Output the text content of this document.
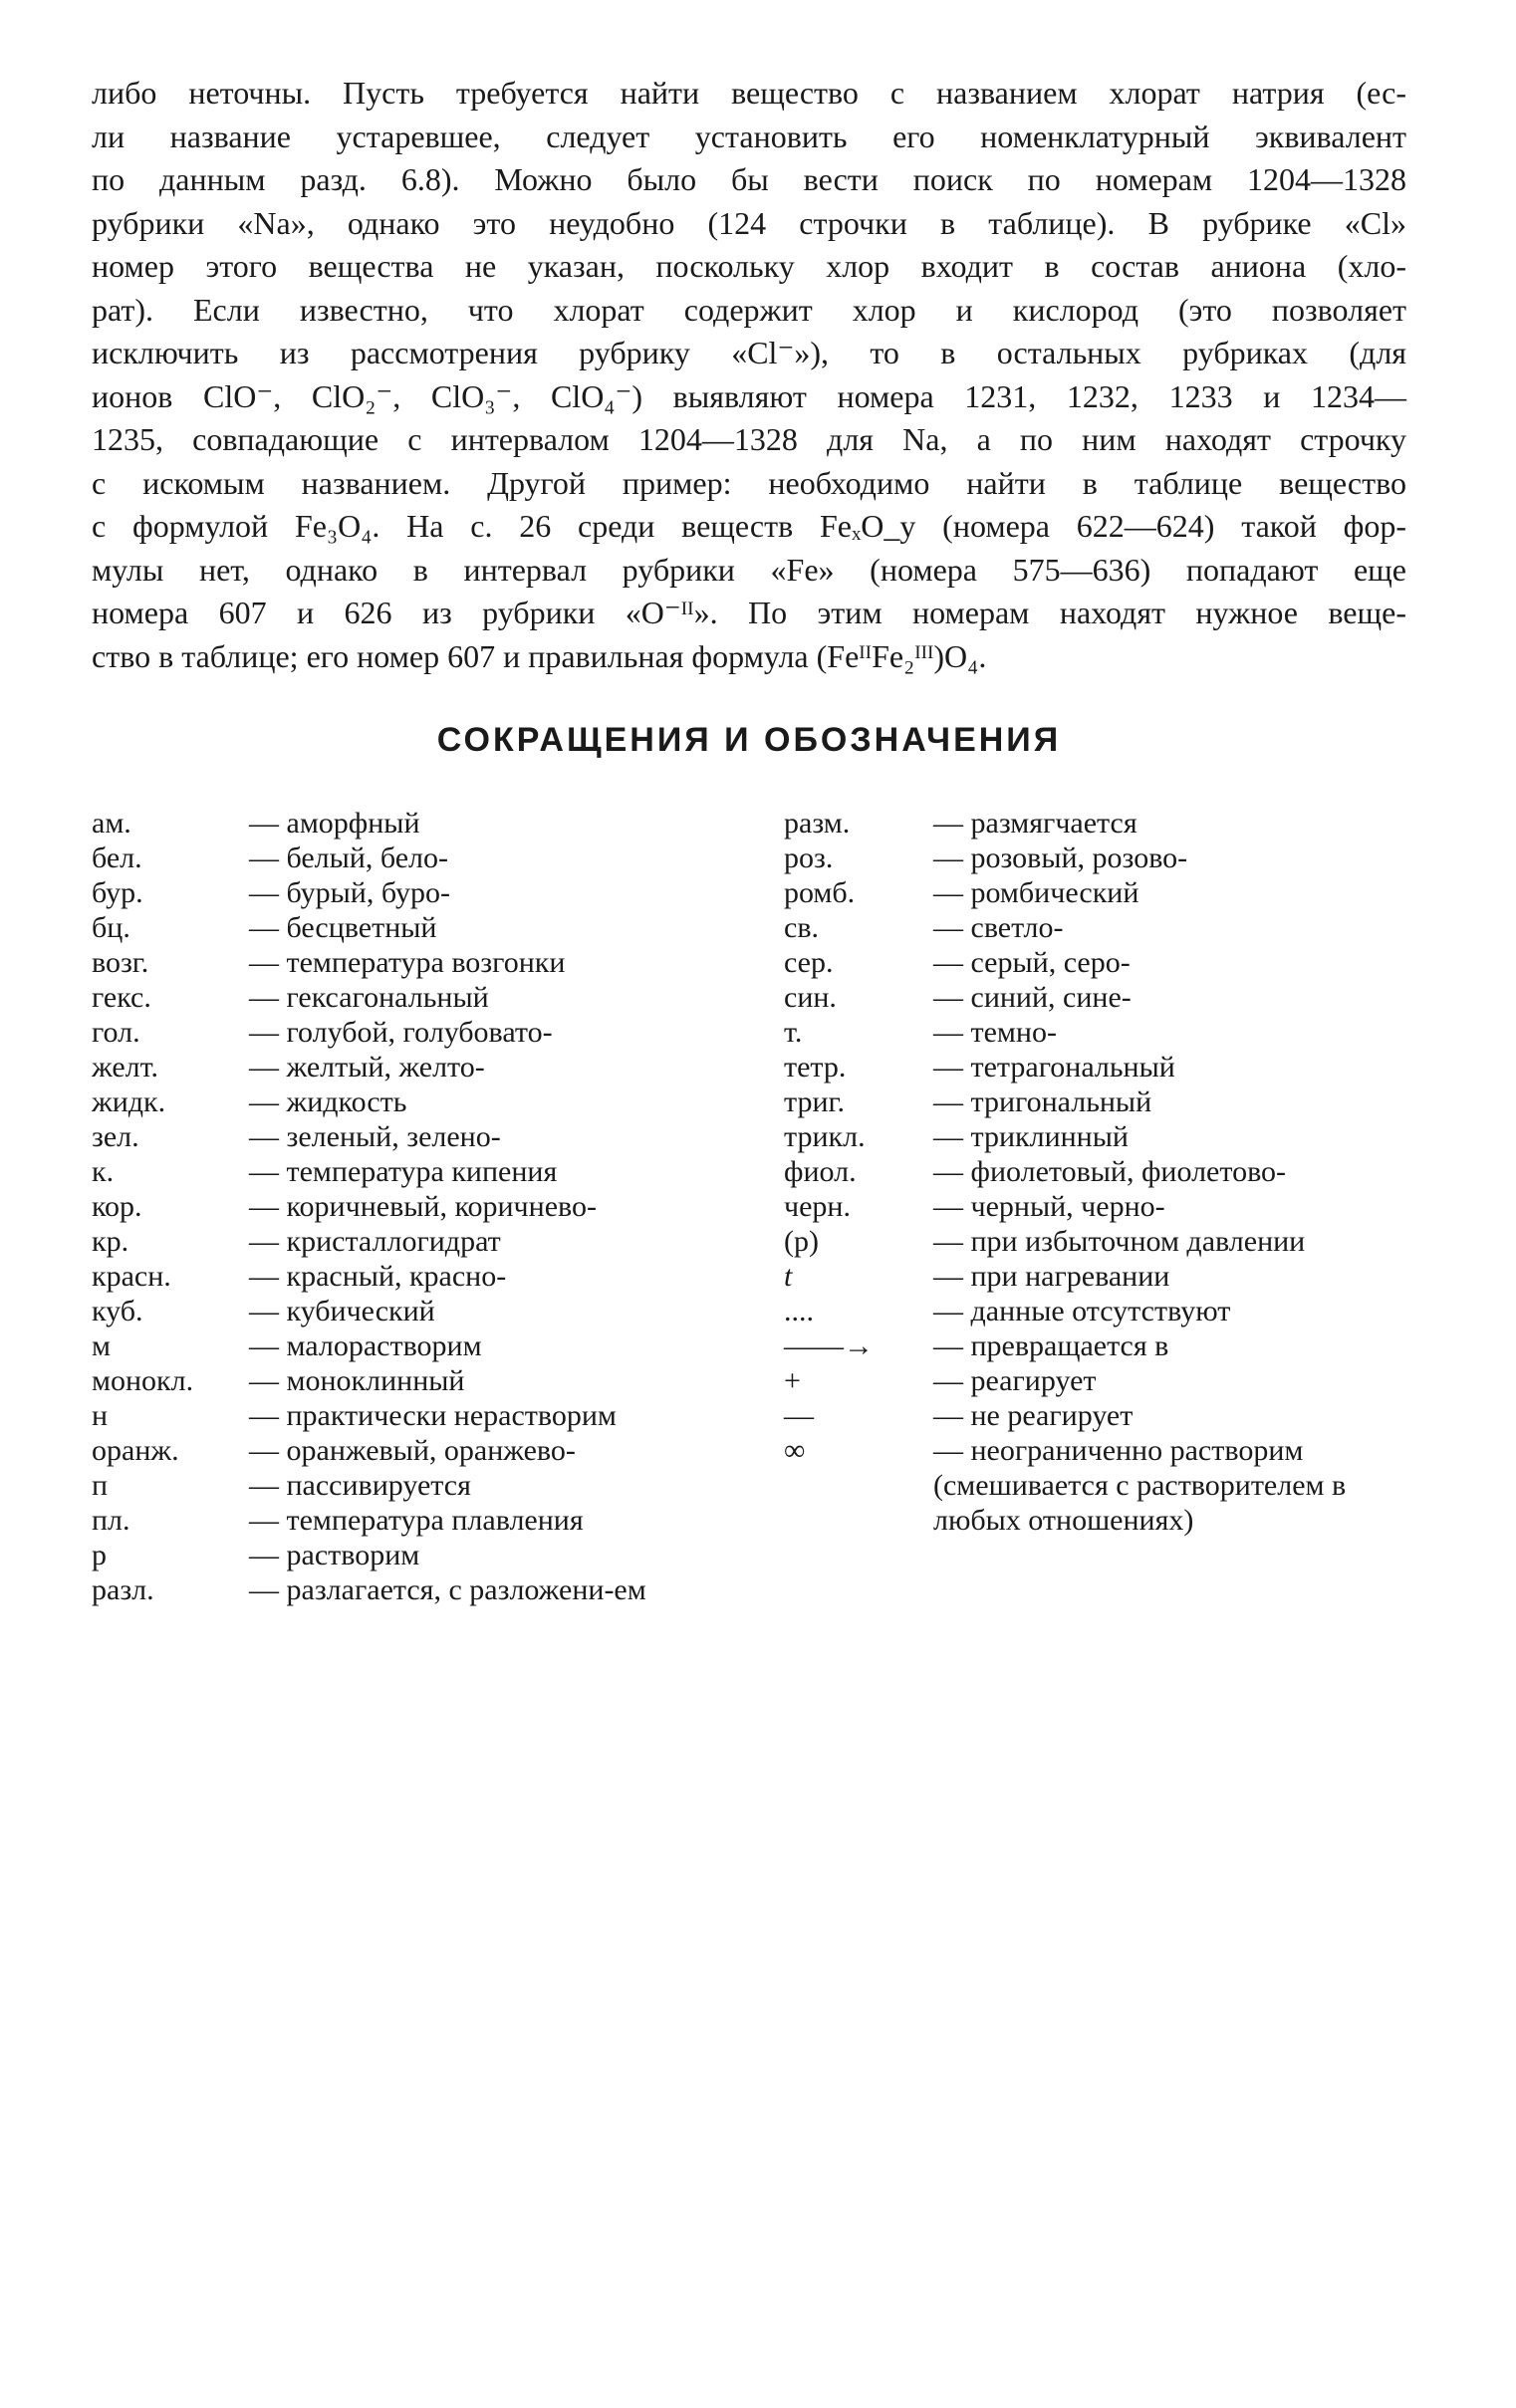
либо неточны. Пусть требуется найти вещество с названием хлорат натрия (ес-
ли название устаревшее, следует установить его номенклатурный эквивалент
по данным разд. 6.8). Можно было бы вести поиск по номерам 1204—1328
рубрики «Na», однако это неудобно (124 строчки в таблице). В рубрике «Cl»
номер этого вещества не указан, поскольку хлор входит в состав аниона (хло-
рат). Если известно, что хлорат содержит хлор и кислород (это позволяет
исключить из рассмотрения рубрику «Cl⁻»), то в остальных рубриках (для
ионов ClO⁻, ClO₂⁻, ClO₃⁻, ClO₄⁻) выявляют номера 1231, 1232, 1233 и 1234—
1235, совпадающие с интервалом 1204—1328 для Na, а по ним находят строчку
с искомым названием. Другой пример: необходимо найти в таблице вещество
с формулой Fe₃O₄. На с. 26 среди веществ FeₓO_y (номера 622—624) такой фор-
мулы нет, однако в интервал рубрики «Fe» (номера 575—636) попадают еще
номера 607 и 626 из рубрики «O⁻ᴵᴵ». По этим номерам находят нужное веще-
ство в таблице; его номер 607 и правильная формула (FeᴵᴵFe₂ᴵᴵᴵ)O₄.
СОКРАЩЕНИЯ И ОБОЗНАЧЕНИЯ
ам.	— аморфный
бел.	— белый, бело-
бур.	— бурый, буро-
бц.	— бесцветный
возг.	— температура возгонки
гекс.	— гексагональный
гол.	— голубой, голубовато-
желт.	— желтый, желто-
жидк.	— жидкость
зел.	— зеленый, зелено-
к.	— температура кипения
кор.	— коричневый, коричнево-
кр.	— кристаллогидрат
красн.	— красный, красно-
куб.	— кубический
м	— малорастворим
монокл.	— моноклинный
н	— практически нерастворим
оранж.	— оранжевый, оранжево-
п	— пассивируется
пл.	— температура плавления
р	— растворим
разл.	— разлагается, с разложени-ем
разм.	— размягчается
роз.	— розовый, розово-
ромб.	— ромбический
св.	— светло-
сер.	— серый, серо-
син.	— синий, сине-
т.	— темно-
тетр.	— тетрагональный
триг.	— тригональный
трикл.	— триклинный
фиол.	— фиолетовый, фиолетово-
черн.	— черный, черно-
(p)	— при избыточном давлении
t	— при нагревании
....	— данные отсутствуют
——→	— превращается в
+	— реагирует
—	— не реагирует
∞	— неограниченно растворим (смешивается с растворителем в любых отношениях)
